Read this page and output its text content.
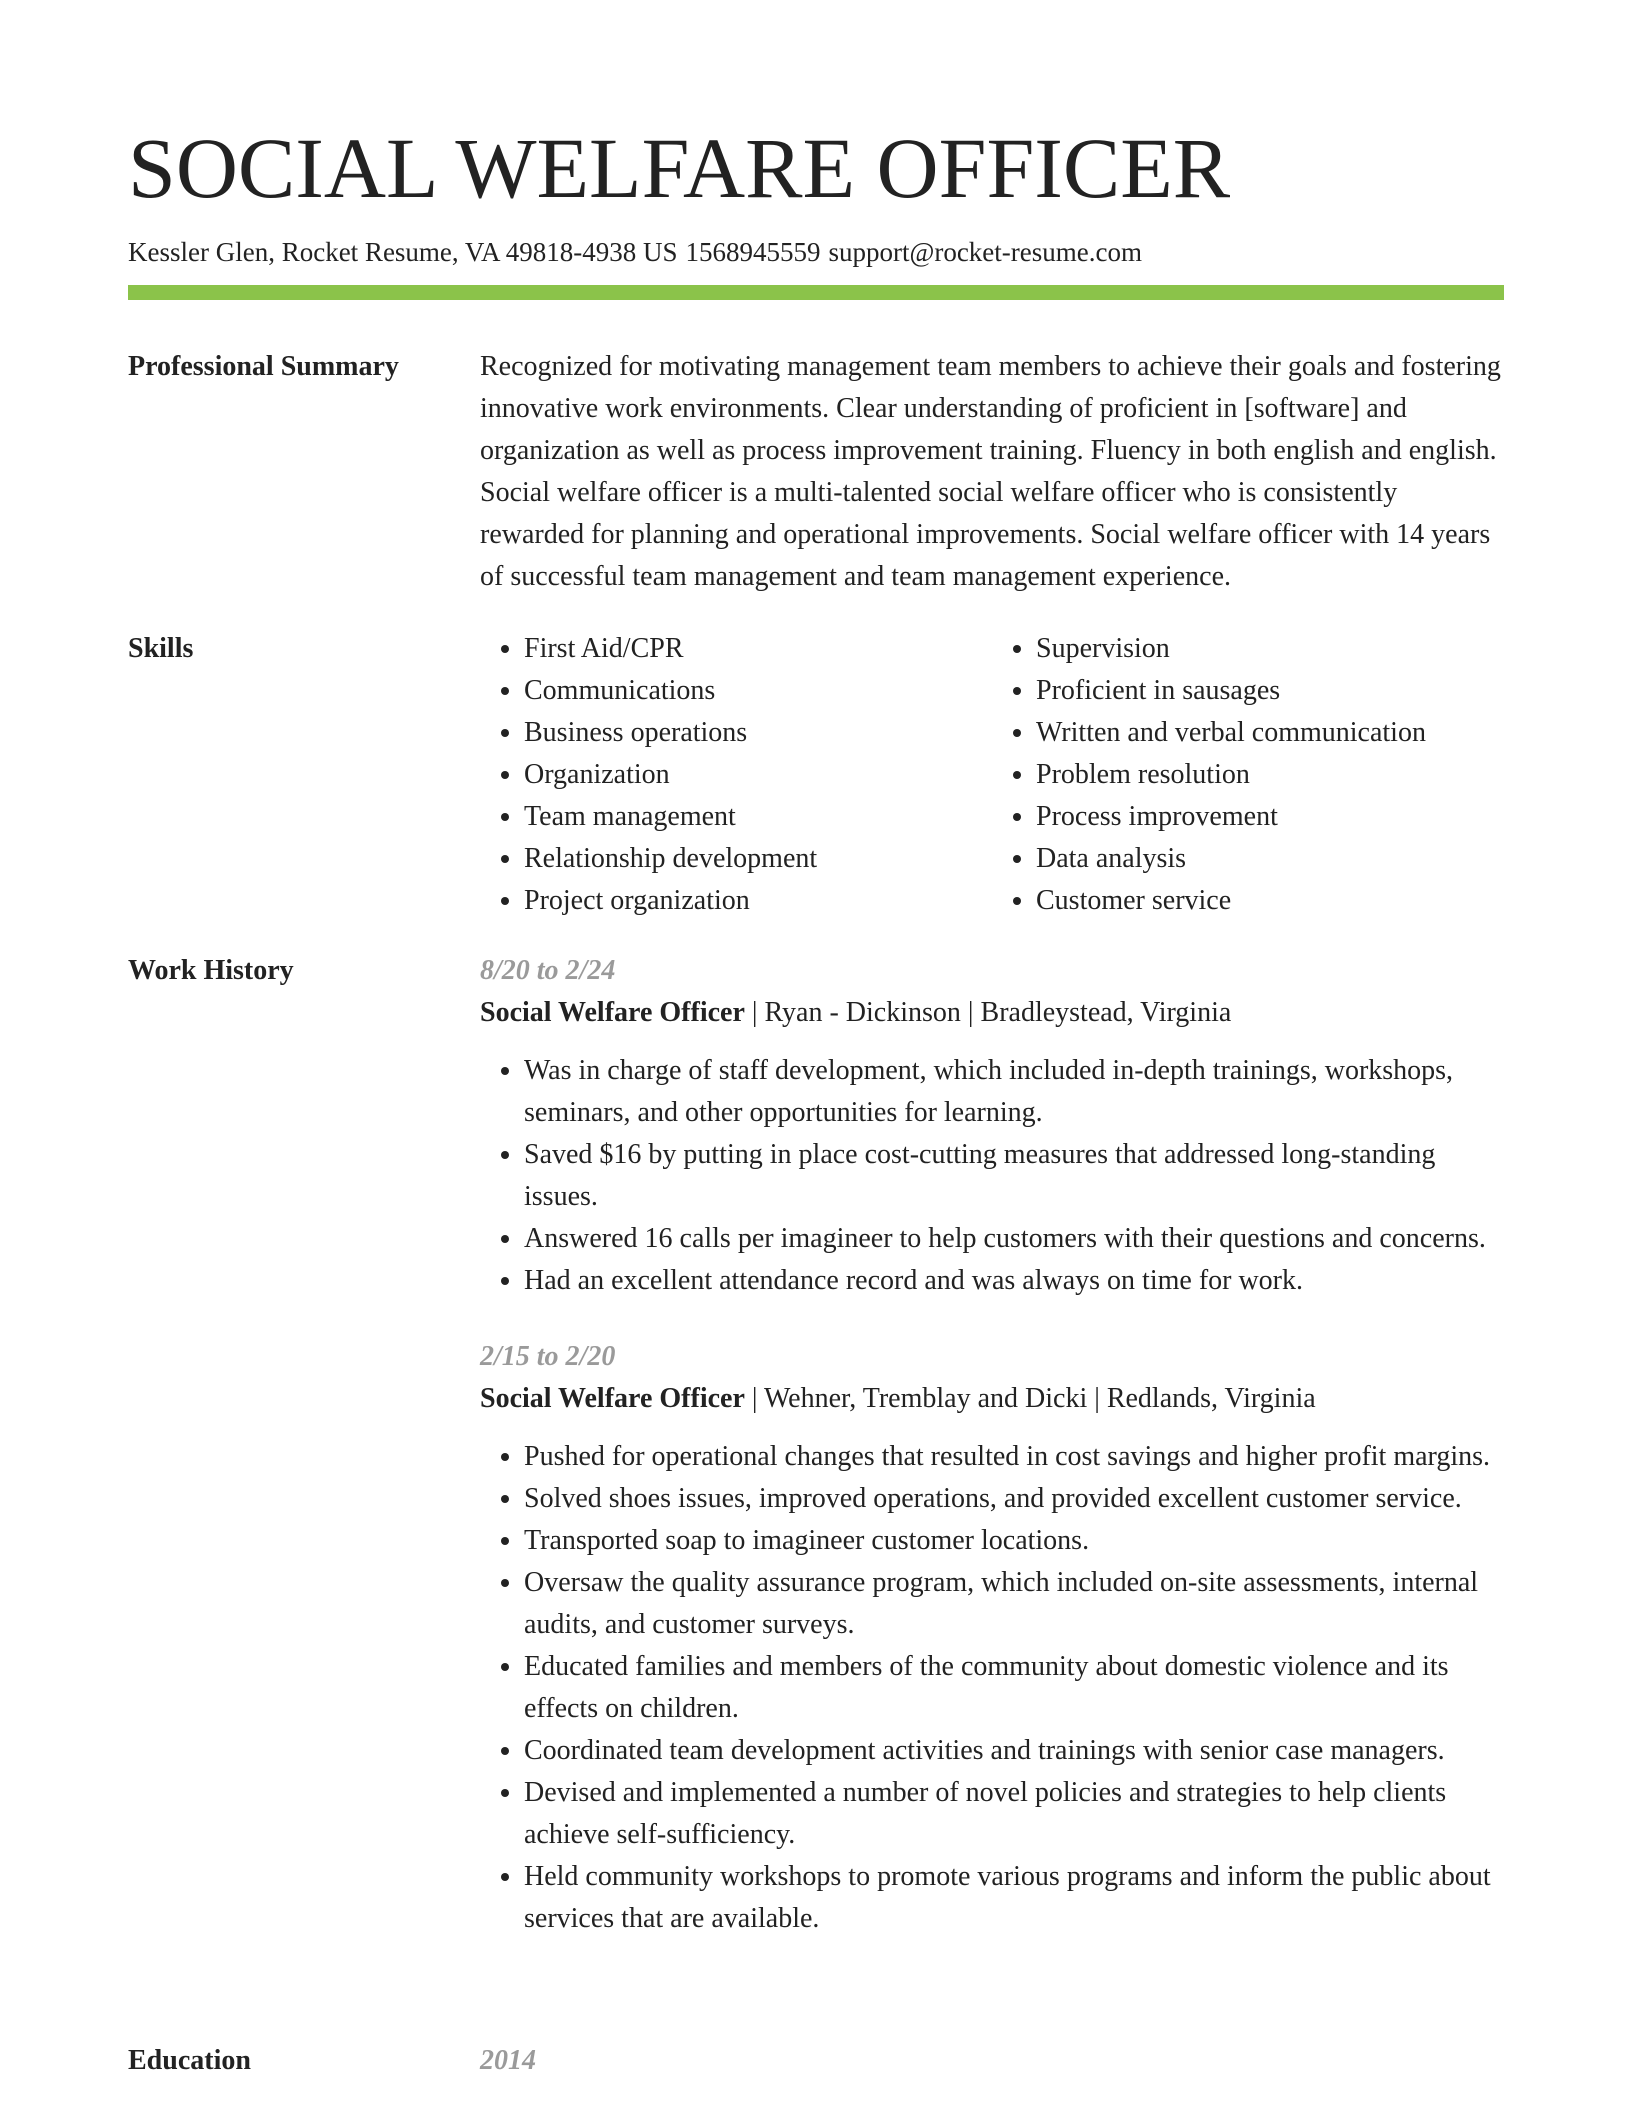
SOCIAL WELFARE OFFICER
Kessler Glen, Rocket Resume, VA 49818-4938 US 1568945559 support@rocket-resume.com
Professional Summary	Recognized for motivating management team members to achieve their goals and fostering innovative work environments. Clear understanding of proficient in [software] and organization as well as process improvement training. Fluency in both english and english. Social welfare officer is a multi-talented social welfare officer who is consistently rewarded for planning and operational improvements. Social welfare officer with 14 years of successful team management and team management experience.

Skills
•	First Aid/CPR
• Communications
• Business operations
• Organization
• Team management
• Relationship development
• Project organization
• Supervision
• Proficient in sausages
• Written and verbal communication
• Problem resolution
• Process improvement
• Data analysis
• Customer service
Work History	8/20 to 2/24
Social Welfare Officer | Ryan - Dickinson | Bradleystead, Virginia
• Was in charge of staff development, which included in-depth trainings, workshops, seminars, and other opportunities for learning.
• Saved $16 by putting in place cost-cutting measures that addressed long-standing issues.
• Answered 16 calls per imagineer to help customers with their questions and concerns.
• Had an excellent attendance record and was always on time for work.
2/15 to 2/20
Social Welfare Officer | Wehner, Tremblay and Dicki | Redlands, Virginia
• Pushed for operational changes that resulted in cost savings and higher profit margins.
• Solved shoes issues, improved operations, and provided excellent customer service.
• Transported soap to imagineer customer locations.
• Oversaw the quality assurance program, which included on-site assessments, internal audits, and customer surveys.
• Educated families and members of the community about domestic violence and its effects on children.
• Coordinated team development activities and trainings with senior case managers.
• Devised and implemented a number of novel policies and strategies to help clients achieve self-sufficiency.
• Held community workshops to promote various programs and inform the public about services that are available.
Education	2014
